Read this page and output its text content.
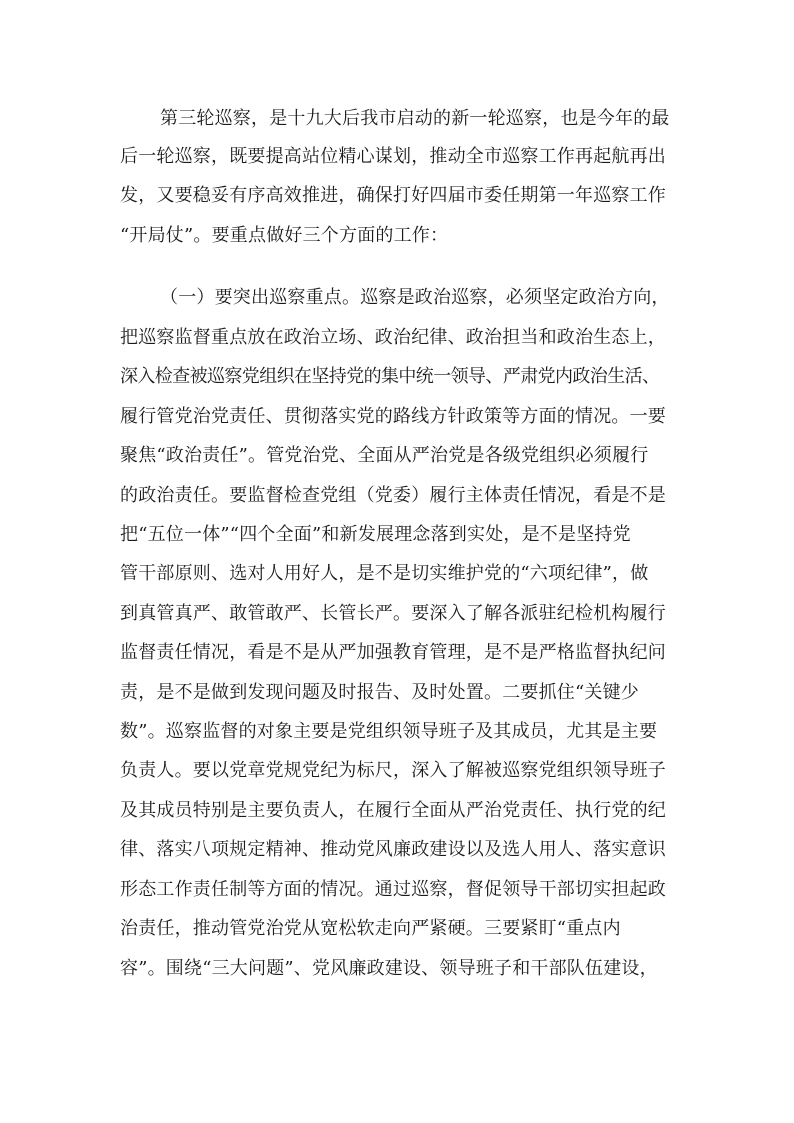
第三轮巡察，是十九大后我市启动的新一轮巡察，也是今年的最
后一轮巡察，既要提高站位精心谋划，推动全市巡察工作再起航再出
发，又要稳妥有序高效推进，确保打好四届市委任期第一年巡察工作
“开局仗”。要重点做好三个方面的工作：
（一）要突出巡察重点。巡察是政治巡察，必须坚定政治方向，
把巡察监督重点放在政治立场、政治纪律、政治担当和政治生态上，
深入检查被巡察党组织在坚持党的集中统一领导、严肃党内政治生活、
履行管党治党责任、贯彻落实党的路线方针政策等方面的情况。一要
聚焦“政治责任”。管党治党、全面从严治党是各级党组织必须履行
的政治责任。要监督检查党组（党委）履行主体责任情况，看是不是
把“五位一体”“四个全面”和新发展理念落到实处，是不是坚持党
管干部原则、选对人用好人，是不是切实维护党的“六项纪律”，做
到真管真严、敢管敢严、长管长严。要深入了解各派驻纪检机构履行
监督责任情况，看是不是从严加强教育管理，是不是严格监督执纪问
责，是不是做到发现问题及时报告、及时处置。二要抓住“关键少
数”。巡察监督的对象主要是党组织领导班子及其成员，尤其是主要
负责人。要以党章党规党纪为标尺，深入了解被巡察党组织领导班子
及其成员特别是主要负责人，在履行全面从严治党责任、执行党的纪
律、落实八项规定精神、推动党风廉政建设以及选人用人、落实意识
形态工作责任制等方面的情况。通过巡察，督促领导干部切实担起政
治责任，推动管党治党从宽松软走向严紧硬。三要紧盯“重点内
容”。围绕“三大问题”、党风廉政建设、领导班子和干部队伍建设，
